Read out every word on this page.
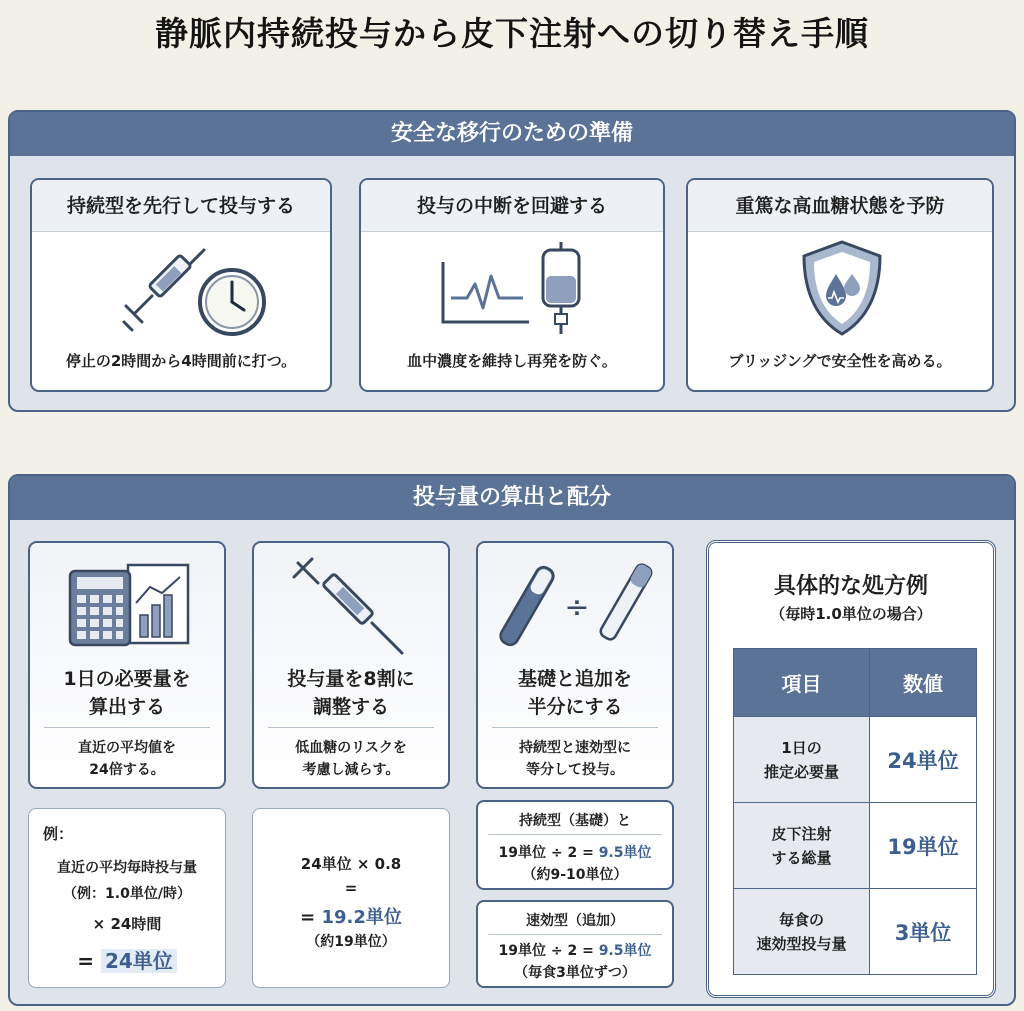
静脈内持続投与から皮下注射への切り替え手順
安全な移行のための準備
持続型を先行して投与する
停止の2時間から4時間前に打つ。
投与の中断を回避する
血中濃度を維持し再発を防ぐ。
重篤な高血糖状態を予防
ブリッジングで安全性を高める。
投与量の算出と配分
1日の必要量を
算出する
直近の平均値を
24倍する。
投与量を8割に
調整する
低血糖のリスクを
考慮し減らす。
÷
基礎と追加を
半分にする
持続型と速効型に
等分して投与。
例：
直近の平均毎時投与量
（例：1.0単位/時）
× 24時間
= 24単位
24単位 × 0.8
=
= 19.2単位
（約19単位）
持続型（基礎）と
19単位 ÷ 2 = 9.5単位
（約9-10単位）
速効型（追加）
19単位 ÷ 2 = 9.5単位
（毎食3単位ずつ）
具体的な処方例
（毎時1.0単位の場合）
項目	数値
1日の
推定必要量	24単位
皮下注射
する総量	19単位
毎食の
速効型投与量	3単位
